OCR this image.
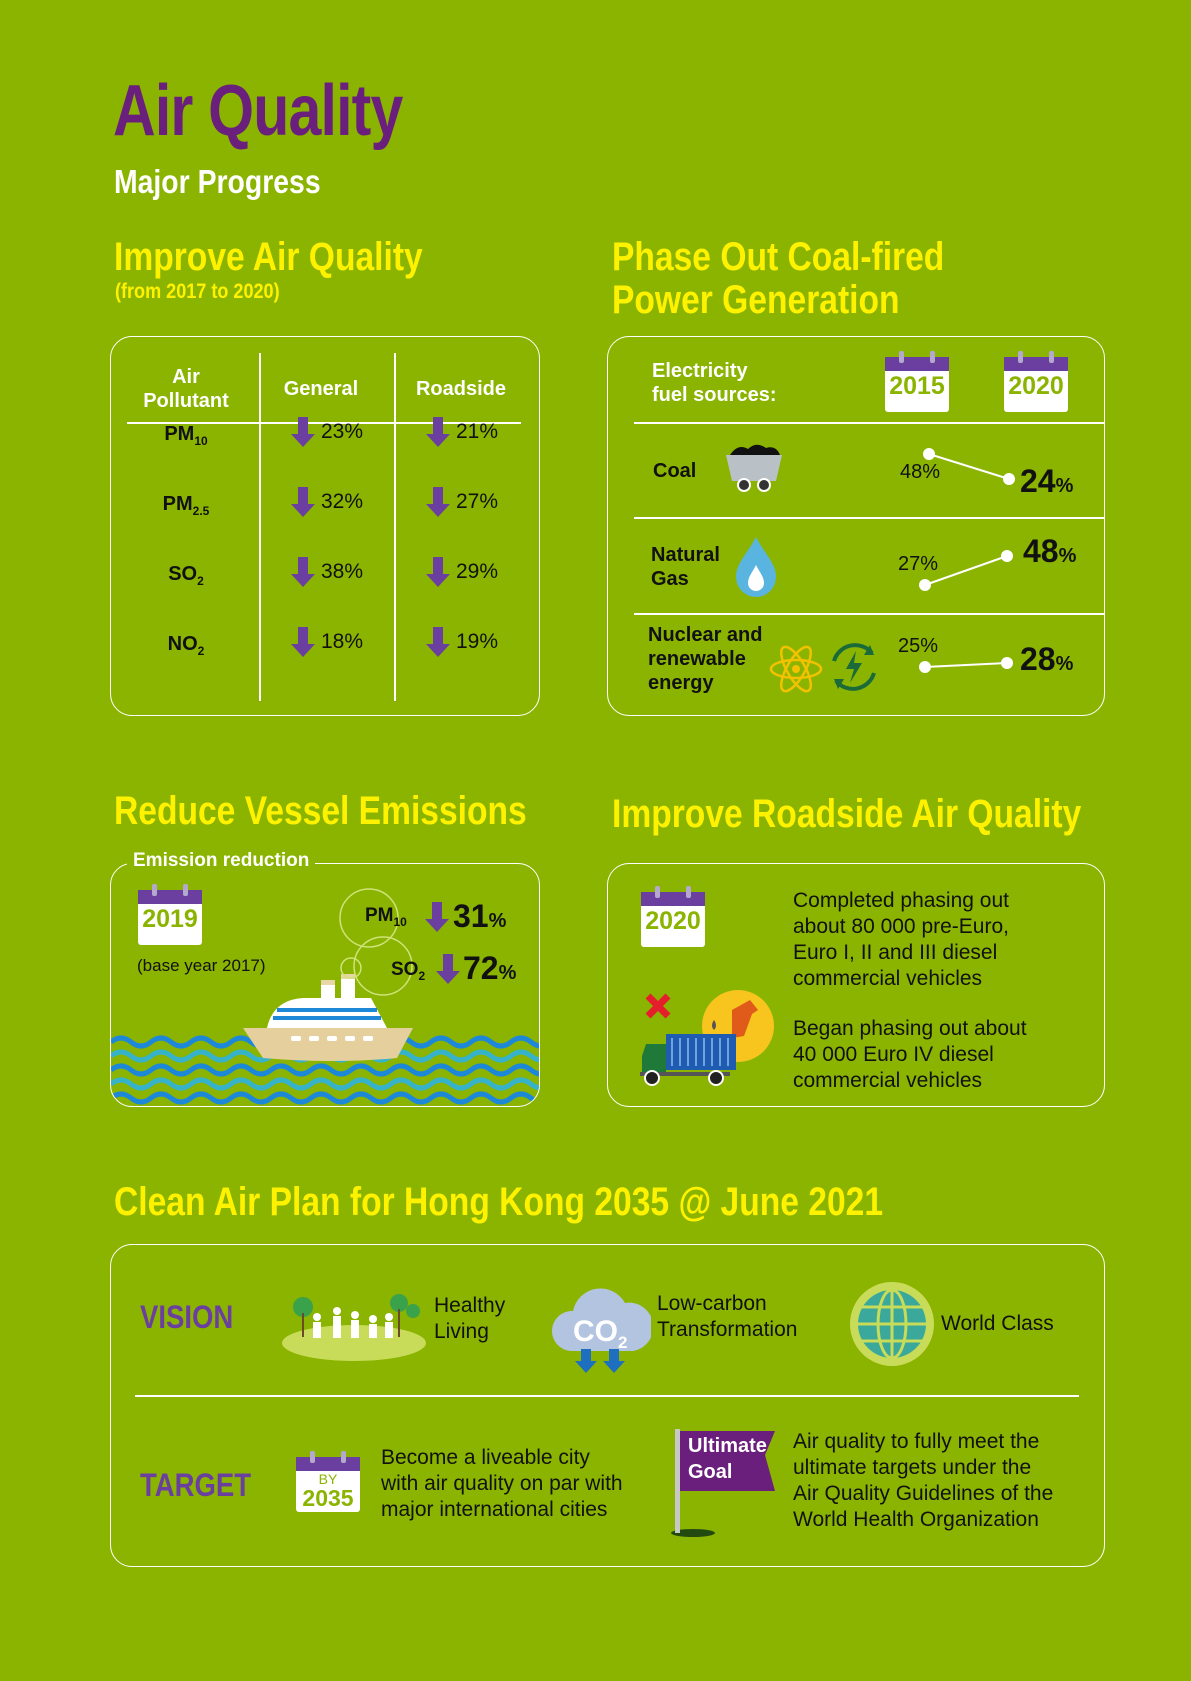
Air Quality
Major Progress
Improve Air Quality
(from 2017 to 2020)
Air
Pollutant
General	Roadside
$PM_{10}$	23%	21%
$PM_{2.5}$	32%	27%
$SO_2$	38%	29%
$NO_2$	18%	19%
Phase Out Coal-fired
Power Generation
Electricity
fuel sources:	2015	2020
Coal	48% 24%
Natural
Gas
27%	48%
Nuclear and
renewable
energy
25%	28%
Reduce Vessel Emissions
2019
(base year 2017)
$PM_{10}$ 31%
$SO_2$ 72%
Emission reduction
Improve Roadside Air Quality
2020
Completed phasing out
about 80 000 pre-Euro,
Euro I, II and III diesel
commercial vehicles
Began phasing out about
40 000 Euro IV diesel
commercial vehicles
Clean Air Plan for Hong Kong 2035 @ June 2021
VISION	Healthy
Living	$CO_2$
Low-carbon
Transformation	World Class
TARGET	BY
2035
Become a liveable city
with air quality on par with
major international cities
Ultimate
Goal
Air quality to fully meet the
ultimate targets under the
Air Quality Guidelines of the
World Health Organization
